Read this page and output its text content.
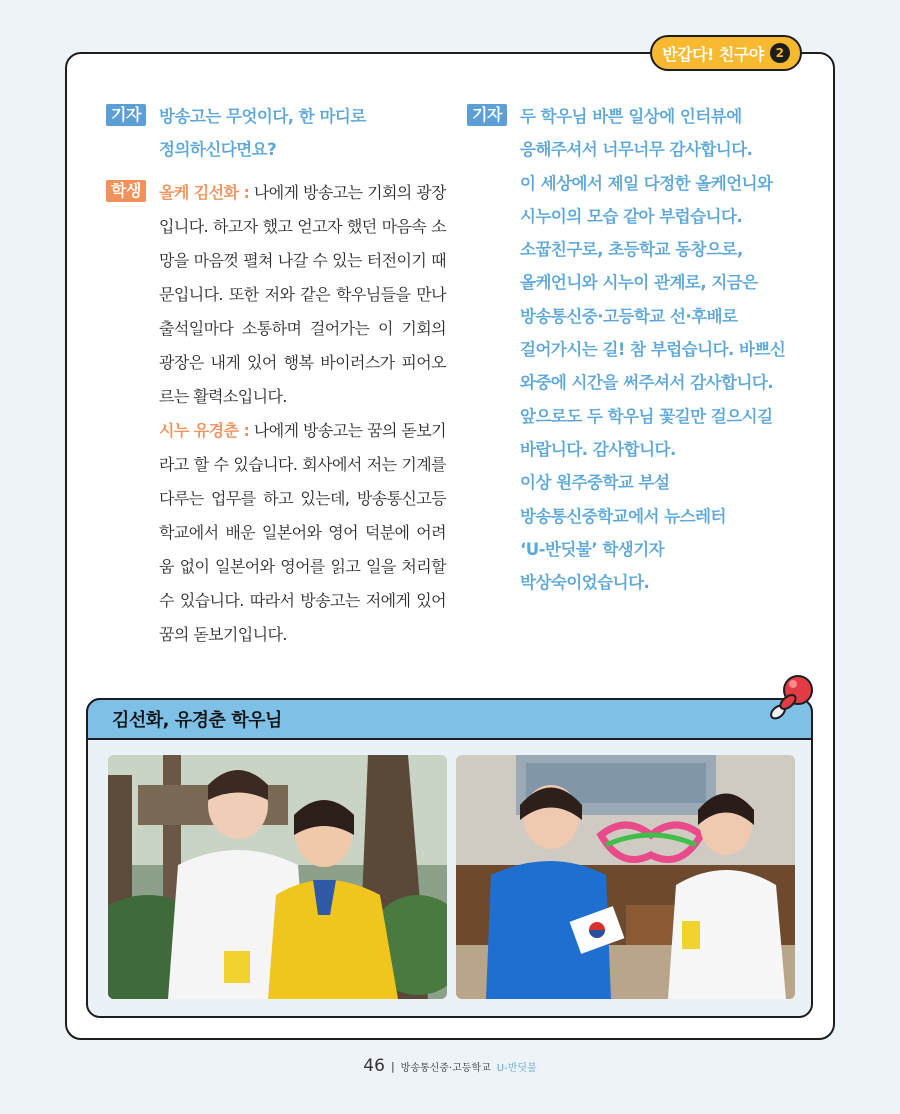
반갑다! 친구야 2
기자	방송고는 무엇이다, 한 마디로
정의하신다면요?
학생	올케 김선화 : 나에게 방송고는 기회의 광장입니다. 하고자 했고 얻고자 했던 마음속 소망을 마음껏 펼쳐 나갈 수 있는 터전이기 때문입니다. 또한 저와 같은 학우님들을 만나 출석일마다 소통하며 걸어가는 이 기회의 광장은 내게 있어 행복 바이러스가 피어오르는 활력소입니다.

시누 유경춘 : 나에게 방송고는 꿈의 돋보기라고 할 수 있습니다. 회사에서 저는 기계를 다루는 업무를 하고 있는데, 방송통신고등학교에서 배운 일본어와 영어 덕분에 어려움 없이 일본어와 영어를 읽고 일을 처리할 수 있습니다. 따라서 방송고는 저에게 있어 꿈의 돋보기입니다.

기자	두 학우님 바쁜 일상에 인터뷰에
응해주셔서 너무너무 감사합니다.
이 세상에서 제일 다정한 올케언니와
시누이의 모습 같아 부럽습니다.
소꿉친구로, 초등학교 동창으로,
올케언니와 시누이 관계로, 지금은
방송통신중·고등학교 선·후배로
걸어가시는 길! 참 부럽습니다. 바쁘신
와중에 시간을 써주셔서 감사합니다.
앞으로도 두 학우님 꽃길만 걸으시길
바랍니다. 감사합니다.
이상 원주중학교 부설
방송통신중학교에서 뉴스레터
‘U-반딧불’ 학생기자
박상숙이었습니다.
김선화, 유경춘 학우님
46 | 방송통신중·고등학교 U-반딧불
